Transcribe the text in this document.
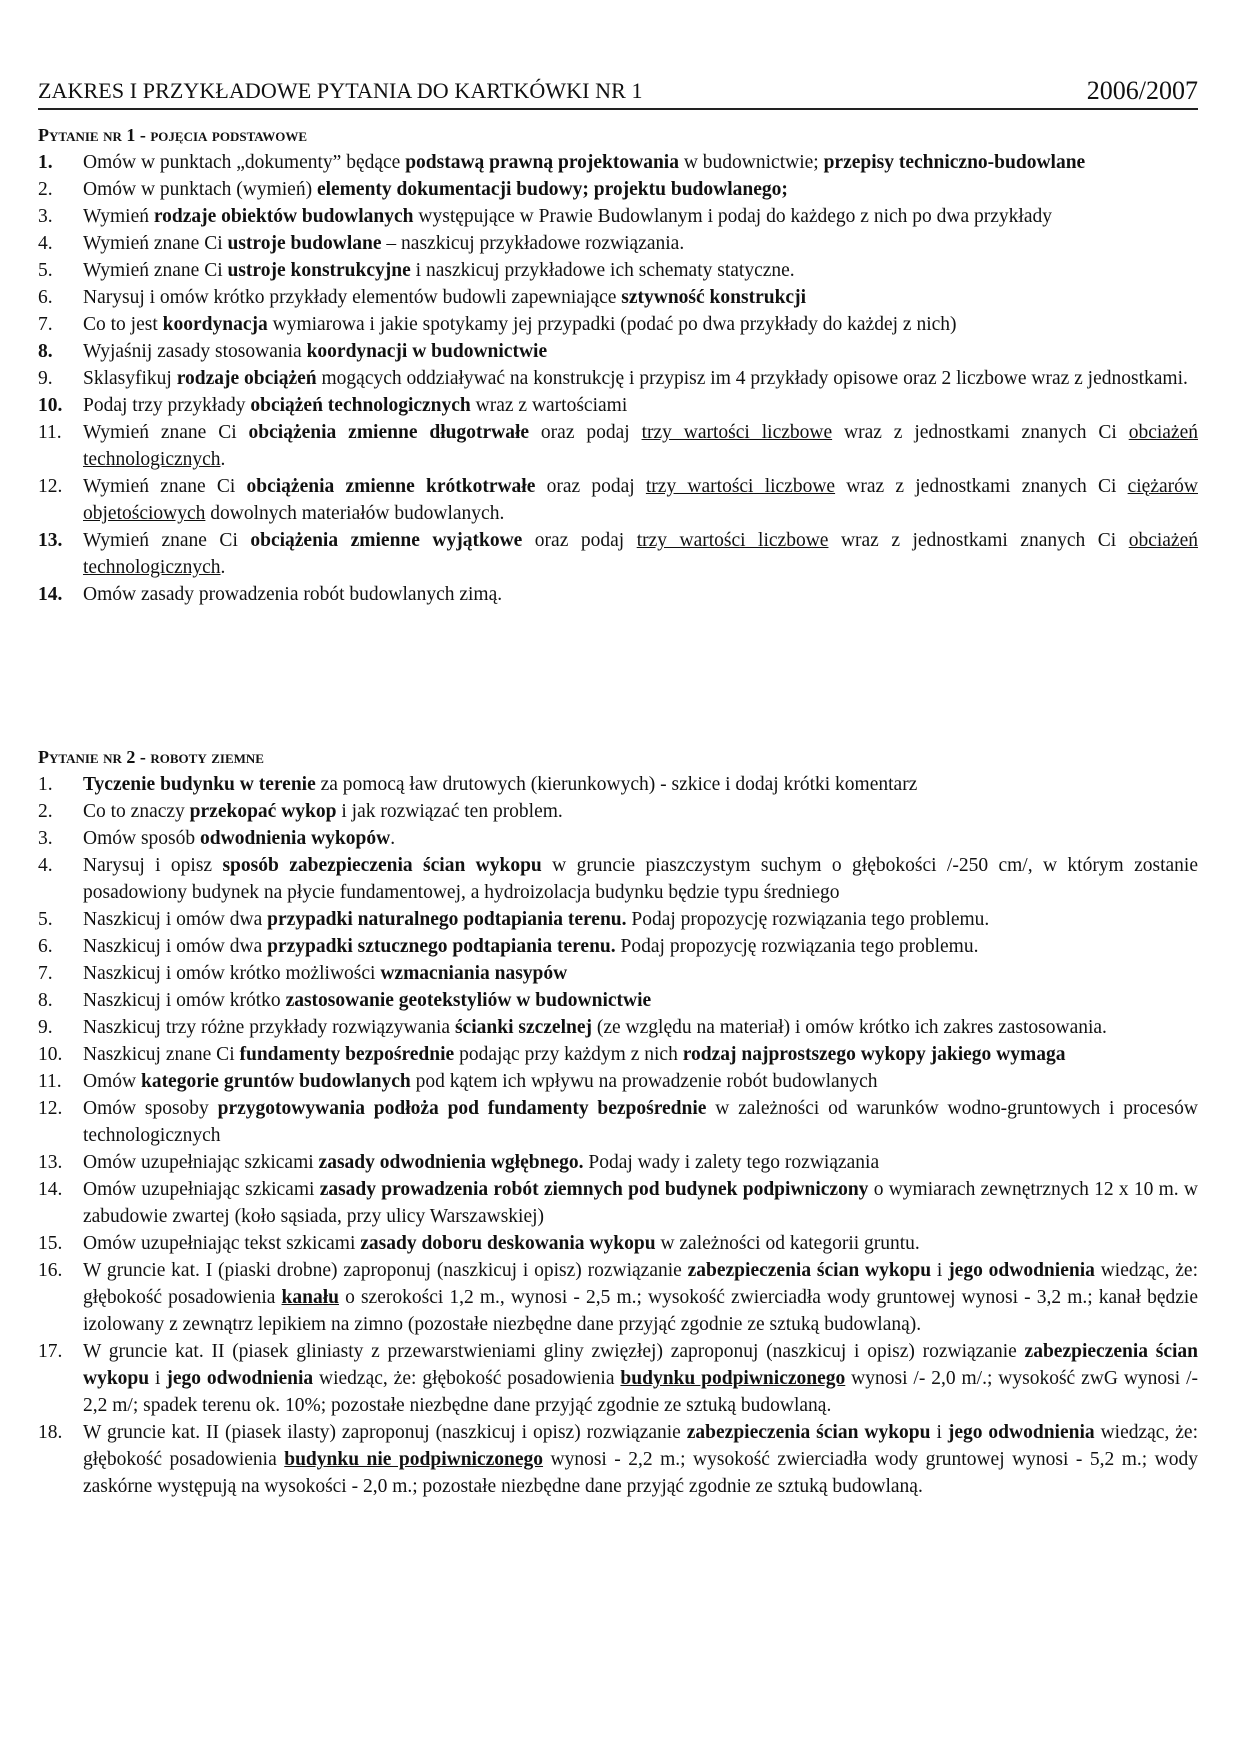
ZAKRES I PRZYKŁADOWE PYTANIA DO KARTKÓWKI NR 1	2006/2007
Pytanie nr 1 - pojęcia podstawowe
1. Omów w punktach „dokumenty” będące podstawą prawną projektowania w budownictwie; przepisy techniczno-budowlane
2. Omów w punktach (wymień) elementy dokumentacji budowy; projektu budowlanego;
3. Wymień rodzaje obiektów budowlanych występujące w Prawie Budowlanym i podaj do każdego z nich po dwa przykłady
4. Wymień znane Ci ustroje budowlane – naszkicuj przykładowe rozwiązania.
5. Wymień znane Ci ustroje konstrukcyjne i naszkicuj przykładowe ich schematy statyczne.
6. Narysuj i omów krótko przykłady elementów budowli zapewniające sztywność konstrukcji
7. Co to jest koordynacja wymiarowa i jakie spotykamy jej przypadki (podać po dwa przykłady do każdej z nich)
8. Wyjaśnij zasady stosowania koordynacji w budownictwie
9. Sklasyfikuj rodzaje obciążeń mogących oddziaływać na konstrukcję i przypisz im 4 przykłady opisowe oraz 2 liczbowe wraz z jednostkami.
10. Podaj trzy przykłady obciążeń technologicznych wraz z wartościami
11. Wymień znane Ci obciążenia zmienne długotrwałe oraz podaj trzy wartości liczbowe wraz z jednostkami znanych Ci obciażeń technologicznych.
12. Wymień znane Ci obciążenia zmienne krótkotrwałe oraz podaj trzy wartości liczbowe wraz z jednostkami znanych Ci ciężarów objetościowych dowolnych materiałów budowlanych.
13. Wymień znane Ci obciążenia zmienne wyjątkowe oraz podaj trzy wartości liczbowe wraz z jednostkami znanych Ci obciażeń technologicznych.
14. Omów zasady prowadzenia robót budowlanych zimą.
Pytanie nr 2 - roboty ziemne
1. Tyczenie budynku w terenie za pomocą ław drutowych (kierunkowych) - szkice i dodaj krótki komentarz
2. Co to znaczy przekopać wykop i jak rozwiązać ten problem.
3. Omów sposób odwodnienia wykopów.
4. Narysuj i opisz sposób zabezpieczenia ścian wykopu w gruncie piaszczystym suchym o głębokości /-250 cm/, w którym zostanie posadowiony budynek na płycie fundamentowej, a hydroizolacja budynku będzie typu średniego
5. Naszkicuj i omów dwa przypadki naturalnego podtapiania terenu. Podaj propozycję rozwiązania tego problemu.
6. Naszkicuj i omów dwa przypadki sztucznego podtapiania terenu. Podaj propozycję rozwiązania tego problemu.
7. Naszkicuj i omów krótko możliwości wzmacniania nasypów
8. Naszkicuj i omów krótko zastosowanie geotekstyliów w budownictwie
9. Naszkicuj trzy różne przykłady rozwiązywania ścianki szczelnej (ze względu na materiał) i omów krótko ich zakres zastosowania.
10. Naszkicuj znane Ci fundamenty bezpośrednie podając przy każdym z nich rodzaj najprostszego wykopy jakiego wymaga
11. Omów kategorie gruntów budowlanych pod kątem ich wpływu na prowadzenie robót budowlanych
12. Omów sposoby przygotowywania podłoża pod fundamenty bezpośrednie w zależności od warunków wodno-gruntowych i procesów technologicznych
13. Omów uzupełniając szkicami zasady odwodnienia wgłębnego. Podaj wady i zalety tego rozwiązania
14. Omów uzupełniając szkicami zasady prowadzenia robót ziemnych pod budynek podpiwniczony o wymiarach zewnętrznych 12 x 10 m. w zabudowie zwartej (koło sąsiada, przy ulicy Warszawskiej)
15. Omów uzupełniając tekst szkicami zasady doboru deskowania wykopu w zależności od kategorii gruntu.
16. W gruncie kat. I (piaski drobne) zaproponuj (naszkicuj i opisz) rozwiązanie zabezpieczenia ścian wykopu i jego odwodnienia wiedząc, że: głębokość posadowienia kanału o szerokości 1,2 m., wynosi - 2,5 m.; wysokość zwierciadła wody gruntowej wynosi - 3,2 m.; kanał będzie izolowany z zewnątrz lepikiem na zimno (pozostałe niezbędne dane przyjąć zgodnie ze sztuką budowlaną).
17. W gruncie kat. II (piasek gliniasty z przewarstwieniami gliny zwięzłej) zaproponuj (naszkicuj i opisz) rozwiązanie zabezpieczenia ścian wykopu i jego odwodnienia wiedząc, że: głębokość posadowienia budynku podpiwniczonego wynosi /- 2,0 m/.; wysokość zwG wynosi /- 2,2 m/; spadek terenu ok. 10%; pozostałe niezbędne dane przyjąć zgodnie ze sztuką budowlaną.
18. W gruncie kat. II (piasek ilasty) zaproponuj (naszkicuj i opisz) rozwiązanie zabezpieczenia ścian wykopu i jego odwodnienia wiedząc, że: głębokość posadowienia budynku nie podpiwniczonego wynosi - 2,2 m.; wysokość zwierciadła wody gruntowej wynosi - 5,2 m.; wody zaskórne występują na wysokości - 2,0 m.; pozostałe niezbędne dane przyjąć zgodnie ze sztuką budowlaną.
